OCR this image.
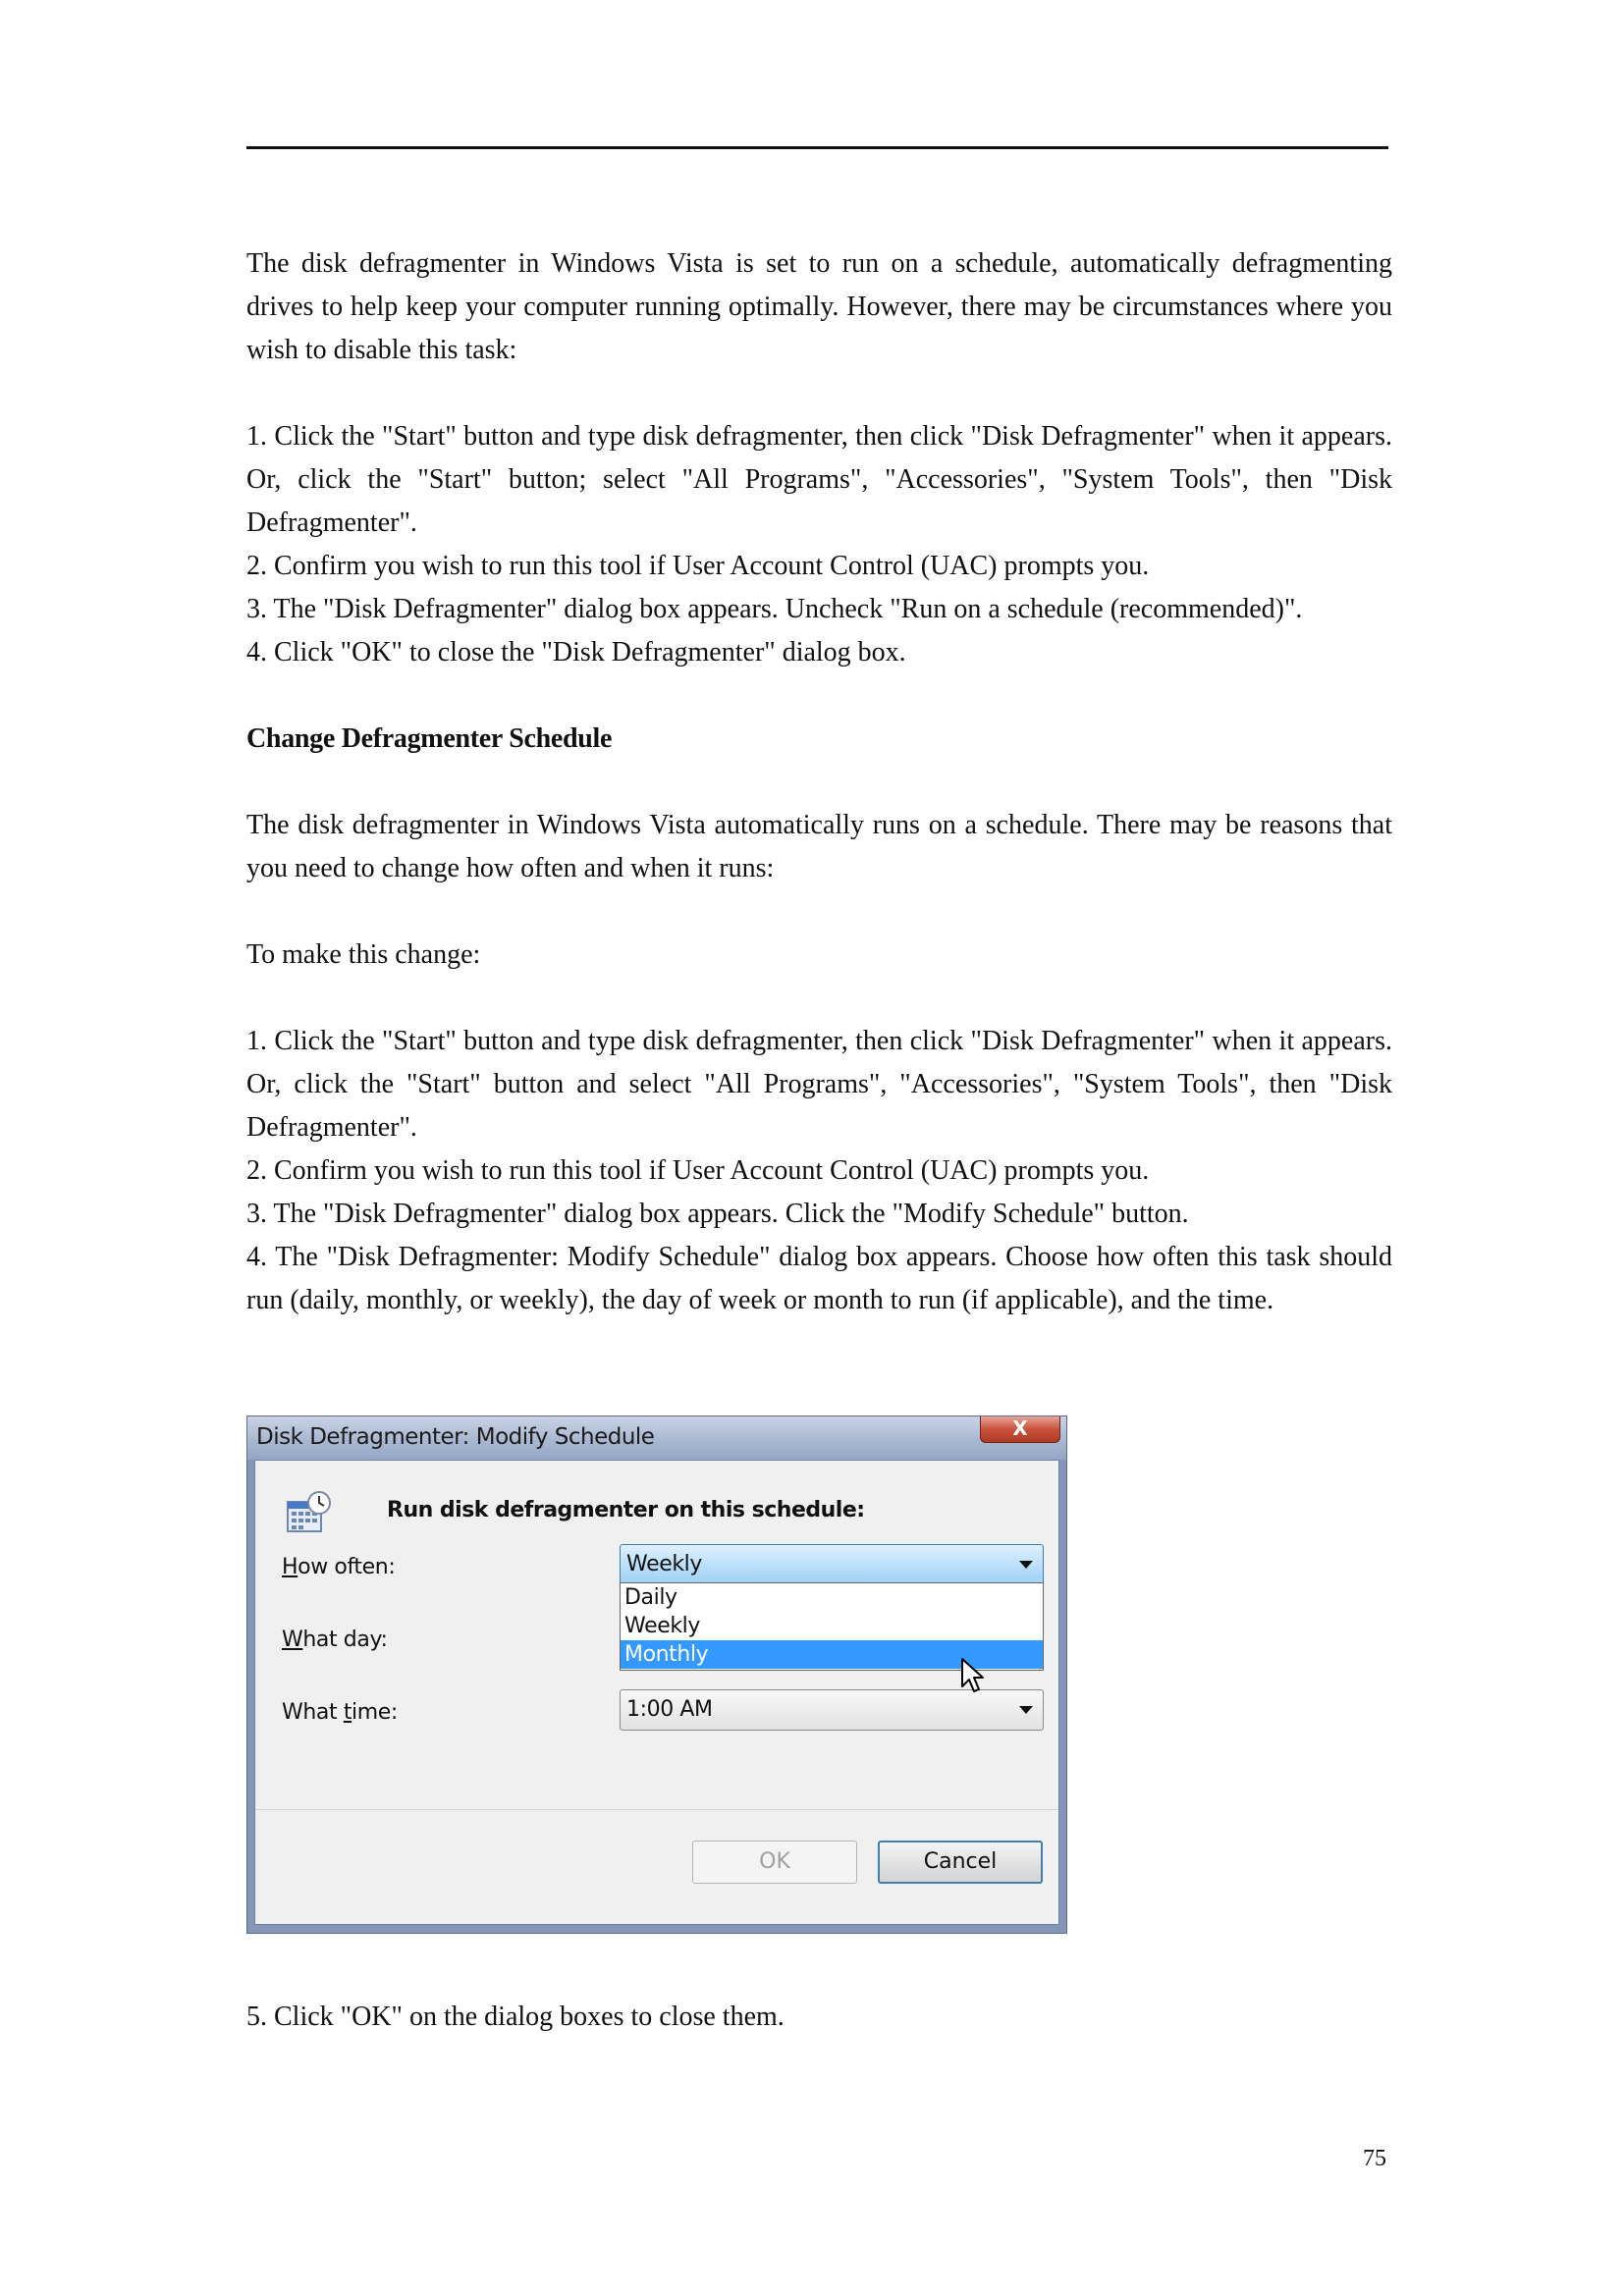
The disk defragmenter in Windows Vista is set to run on a schedule, automatically defragmenting drives to help keep your computer running optimally. However, there may be circumstances where you wish to disable this task:

1. Click the "Start" button and type disk defragmenter, then click "Disk Defragmenter" when it appears. Or, click the "Start" button; select "All Programs", "Accessories", "System Tools", then "Disk Defragmenter".

2. Confirm you wish to run this tool if User Account Control (UAC) prompts you.

3. The "Disk Defragmenter" dialog box appears. Uncheck "Run on a schedule (recommended)".

4. Click "OK" to close the "Disk Defragmenter" dialog box.

Change Defragmenter Schedule

The disk defragmenter in Windows Vista automatically runs on a schedule. There may be reasons that you need to change how often and when it runs:

To make this change:

1. Click the "Start" button and type disk defragmenter, then click "Disk Defragmenter" when it appears. Or, click the "Start" button and select "All Programs", "Accessories", "System Tools", then "Disk Defragmenter".

2. Confirm you wish to run this tool if User Account Control (UAC) prompts you.

3. The "Disk Defragmenter" dialog box appears. Click the "Modify Schedule" button.

4. The "Disk Defragmenter: Modify Schedule" dialog box appears. Choose how often this task should run (daily, monthly, or weekly), the day of week or month to run (if applicable), and the time.

Disk Defragmenter: Modify Schedule	X
Run disk defragmenter on this schedule:
How often:	Weekly
Daily
Weekly
Monthly
What day:
What time:	1:00 AM
OK	Cancel

5. Click "OK" on the dialog boxes to close them.

75
